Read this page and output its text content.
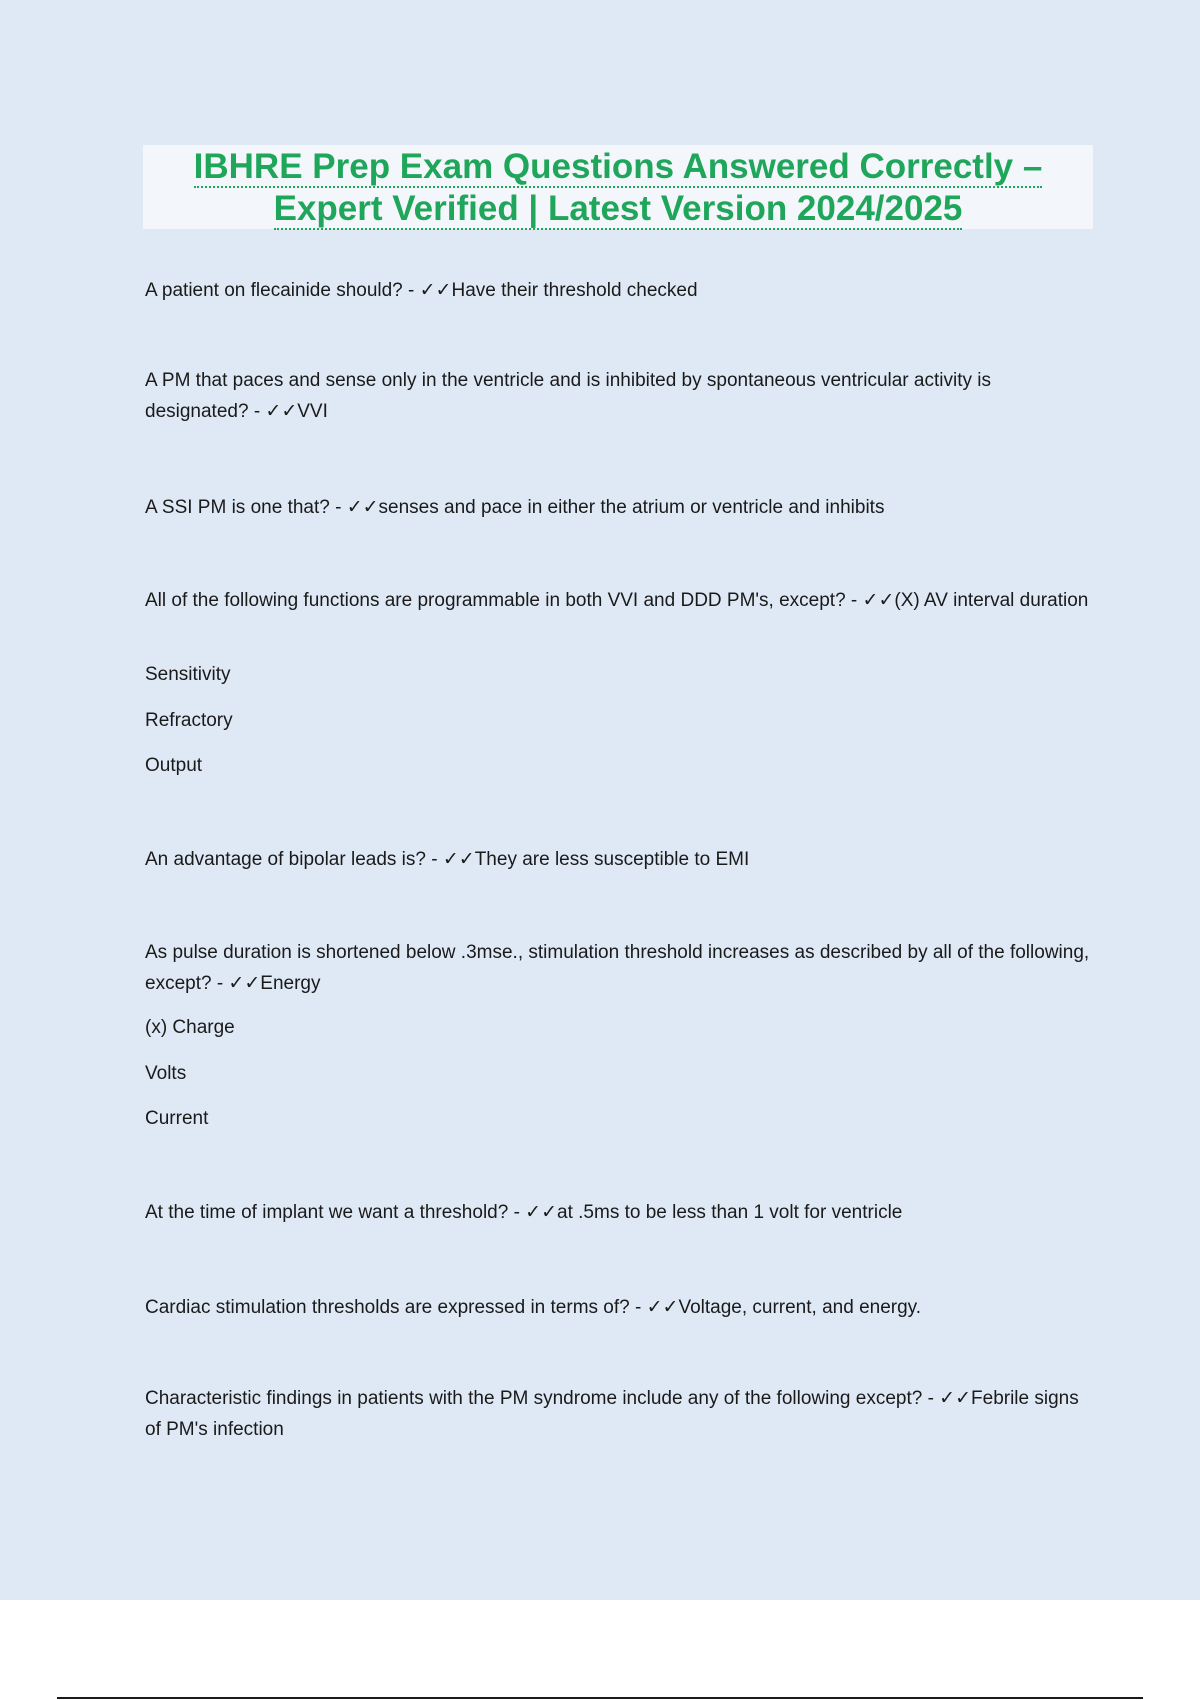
IBHRE Prep Exam Questions Answered Correctly –
Expert Verified | Latest Version 2024/2025
A patient on flecainide should? - ✓✓Have their threshold checked
A PM that paces and sense only in the ventricle and is inhibited by spontaneous ventricular activity is designated? - ✓✓VVI
A SSI PM is one that? - ✓✓senses and pace in either the atrium or ventricle and inhibits
All of the following functions are programmable in both VVI and DDD PM's, except? - ✓✓(X) AV interval duration
Sensitivity
Refractory
Output
An advantage of bipolar leads is? - ✓✓They are less susceptible to EMI
As pulse duration is shortened below .3mse., stimulation threshold increases as described by all of the following, except? - ✓✓Energy
(x) Charge
Volts
Current
At the time of implant we want a threshold? - ✓✓at .5ms to be less than 1 volt for ventricle
Cardiac stimulation thresholds are expressed in terms of? - ✓✓Voltage, current, and energy.
Characteristic findings in patients with the PM syndrome include any of the following except? - ✓✓Febrile signs of PM's infection
